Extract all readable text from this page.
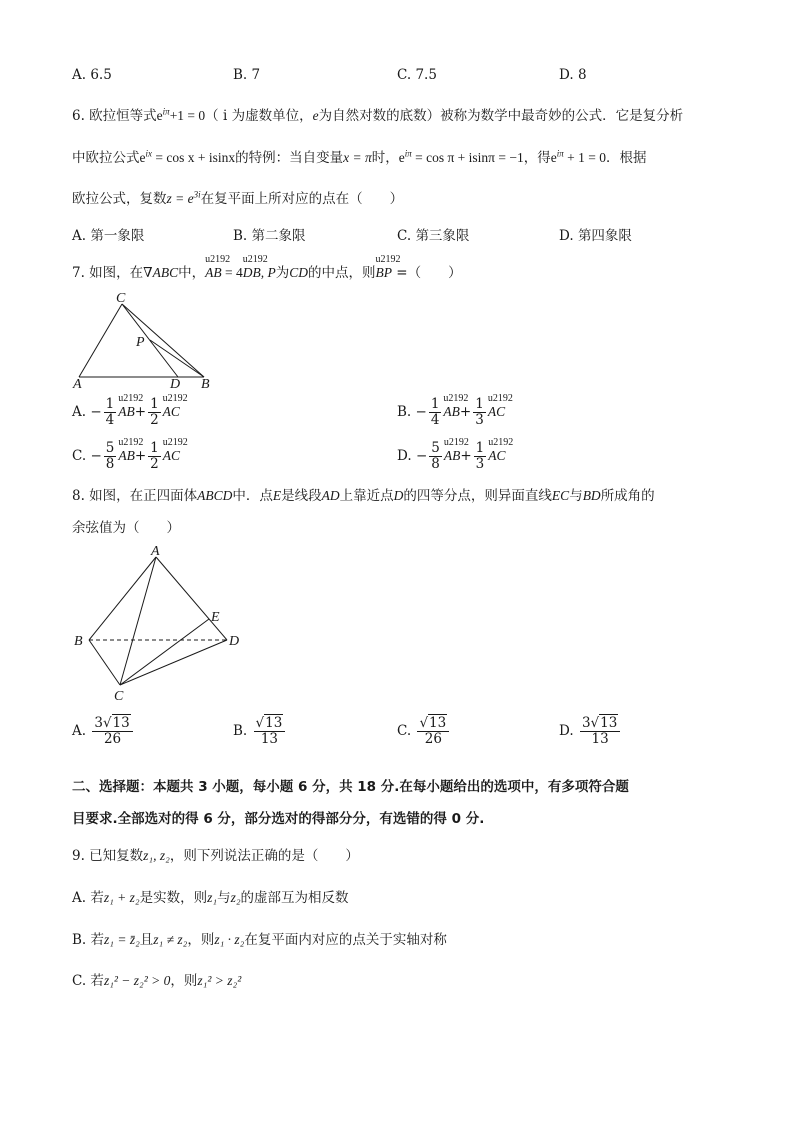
A. 6.5	B. 7	C. 7.5	D. 8
6. 欧拉恒等式$e^{i\pi}+1 = 0$（ i 为虚数单位，e为自然对数的底数）被称为数学中最奇妙的公式．它是复分析
中欧拉公式$e^{ix} = \cos x + isinx$的特例：当自变量x = π时，$e^{i\pi} = \cos \pi + isin\pi = -1$，得$e^{i\pi} + 1 = 0$．根据
欧拉公式，复数$z = e^{3i}$在复平面上所对应的点在（　　）
A. 第一象限	B. 第二象限	C. 第三象限	D. 第四象限
7. 如图，在∇ABC中，u2192 AB = 4u2192 DB, P为CD的中点，则u2192 BP =（　　）
C
P
A	D B
A. − $\frac{1}{4}$
u2192 $AB+ \frac{1}{2}$
u2192 AC	B. − $\frac{1}{4}$
u2192 $AB+ \frac{1}{3}$
u2192 AC
C. − $\frac{5}{8}$
u2192 $AB+ \frac{1}{2}$
u2192 AC	D. − $\frac{5}{8}$
u2192 $AB+ \frac{1}{3}$
u2192 AC
8. 如图，在正四面体ABCD中．点E是线段AD上靠近点D的四等分点，则异面直线EC与BD所成角的
余弦值为（　　）
A
B
C
D
E
A. $\frac{3√13}{26}$	B. $\frac{√13}{13}$	C. $\frac{√13}{26}$	D. $\frac{3√13}{13}$
二、选择题：本题共 3 小题，每小题 6 分，共 18 分.在每小题给出的选项中，有多项符合题
目要求.全部选对的得 6 分，部分选对的得部分分，有选错的得 0 分.
9. 已知复数z₁, z₂，则下列说法正确的是（　　）
A. 若z₁ + z₂是实数，则z₁与z₂的虚部互为相反数
B. 若z₁ = z̄₂且z₁ ≠ z₂，则z₁ · z₂在复平面内对应的点关于实轴对称
C. 若z₁² − z₂² > 0，则z₁² > z₂²
